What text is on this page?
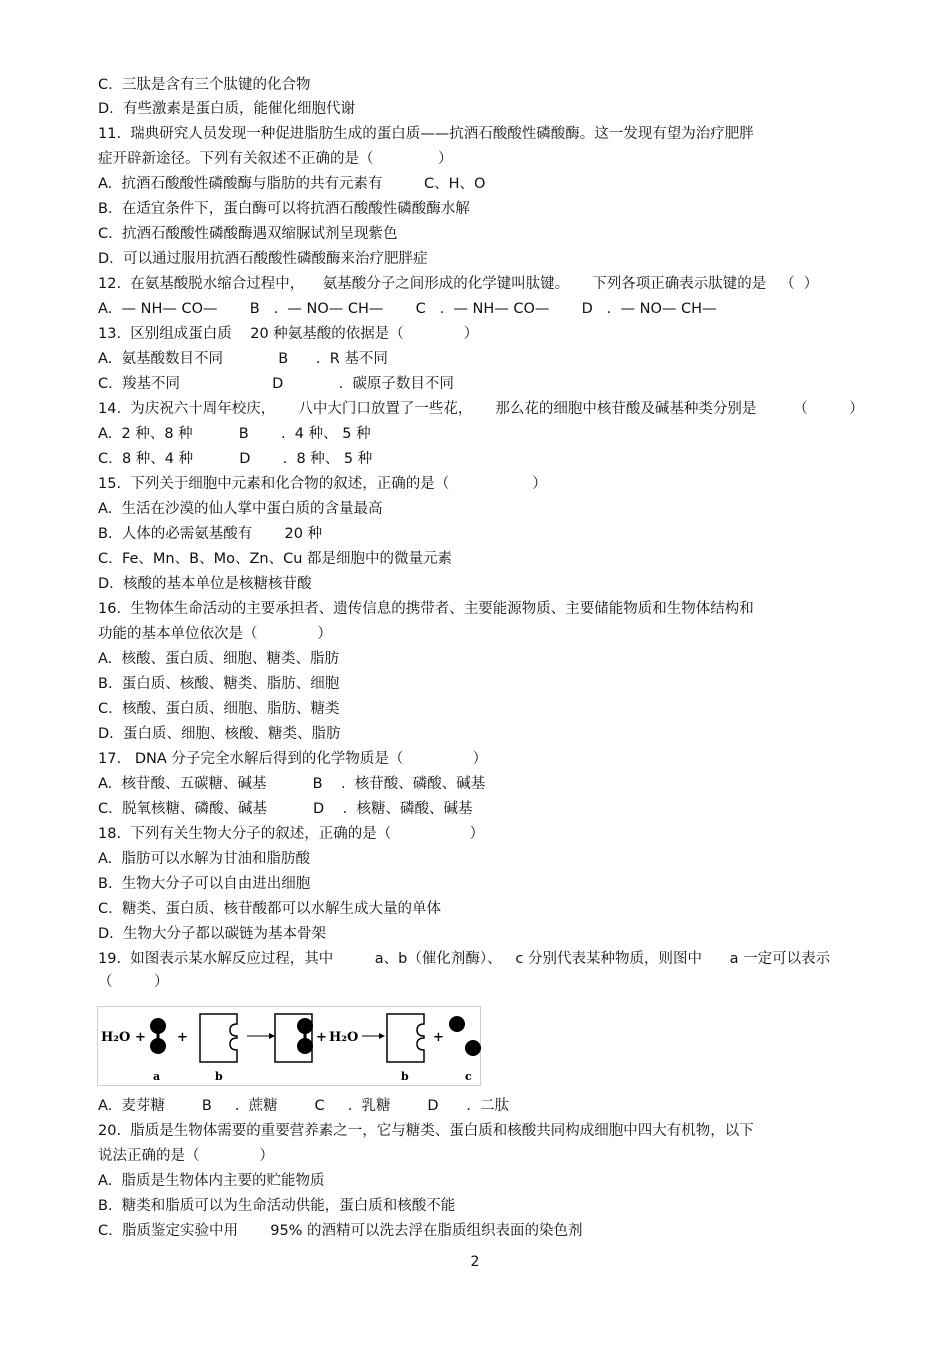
C.  三肽是含有三个肽键的化合物
D.  有些激素是蛋白质，能催化细胞代谢
11.  瑞典研究人员发现一种促进脂肪生成的蛋白质——抗酒石酸酸性磷酸酶。这一发现有望为治疗肥胖
症开辟新途径。下列有关叙述不正确的是（              ）
A.  抗酒石酸酸性磷酸酶与脂肪的共有元素有         C、H、O
B.  在适宜条件下，蛋白酶可以将抗酒石酸酸性磷酸酶水解
C.  抗酒石酸酸性磷酸酶遇双缩脲试剂呈现紫色
D.  可以通过服用抗酒石酸酸性磷酸酶来治疗肥胖症
12.  在氨基酸脱水缩合过程中，    氨基酸分子之间形成的化学键叫肽键。     下列各项正确表示肽键的是   （  ）
A.  — NH— CO—       B   .  — NO— CH—       C   .  — NH— CO—       D   .  — NO— CH—
13.  区别组成蛋白质    20 种氨基酸的依据是（             ）
A.  氨基酸数目不同            B      .  R 基不同
C.  羧基不同                    D            .  碳原子数目不同
14.  为庆祝六十周年校庆，     八中大门口放置了一些花，     那么花的细胞中核苷酸及碱基种类分别是        （         ）
A.  2 种、8 种          B       .  4 种、 5 种
C.  8 种、4 种          D       .  8 种、 5 种
15.  下列关于细胞中元素和化合物的叙述，正确的是（                  ）
A.  生活在沙漠的仙人掌中蛋白质的含量最高
B.  人体的必需氨基酸有       20 种
C.  Fe、Mn、B、Mo、Zn、Cu 都是细胞中的微量元素
D.  核酸的基本单位是核糖核苷酸
16.  生物体生命活动的主要承担者、遗传信息的携带者、主要能源物质、主要储能物质和生物体结构和
功能的基本单位依次是（             ）
A.  核酸、蛋白质、细胞、糖类、脂肪
B.  蛋白质、核酸、糖类、脂肪、细胞
C.  核酸、蛋白质、细胞、脂肪、糖类
D.  蛋白质、细胞、核酸、糖类、脂肪
17.   DNA 分子完全水解后得到的化学物质是（               ）
A.  核苷酸、五碳糖、碱基          B    .  核苷酸、磷酸、碱基
C.  脱氧核糖、磷酸、碱基          D    .  核糖、磷酸、碱基
18.  下列有关生物大分子的叙述，正确的是（                 ）
A.  脂肪可以水解为甘油和脂肪酸
B.  生物大分子可以自由进出细胞
C.  糖类、蛋白质、核苷酸都可以水解生成大量的单体
D.  生物大分子都以碳链为基本骨架
19.  如图表示某水解反应过程，其中         a、b（催化剂酶）、   c 分别代表某种物质，则图中      a 一定可以表示
（         ）
H₂O + +	+ H₂O	+
a	b	b	c
A.  麦芽糖        B     .  蔗糖        C     .  乳糖        D      .  二肽
20.  脂质是生物体需要的重要营养素之一，它与糖类、蛋白质和核酸共同构成细胞中四大有机物，以下
说法正确的是（             ）
A.  脂质是生物体内主要的贮能物质
B.  糖类和脂质可以为生命活动供能，蛋白质和核酸不能
C.  脂质鉴定实验中用       95% 的酒精可以洗去浮在脂质组织表面的染色剂
2
